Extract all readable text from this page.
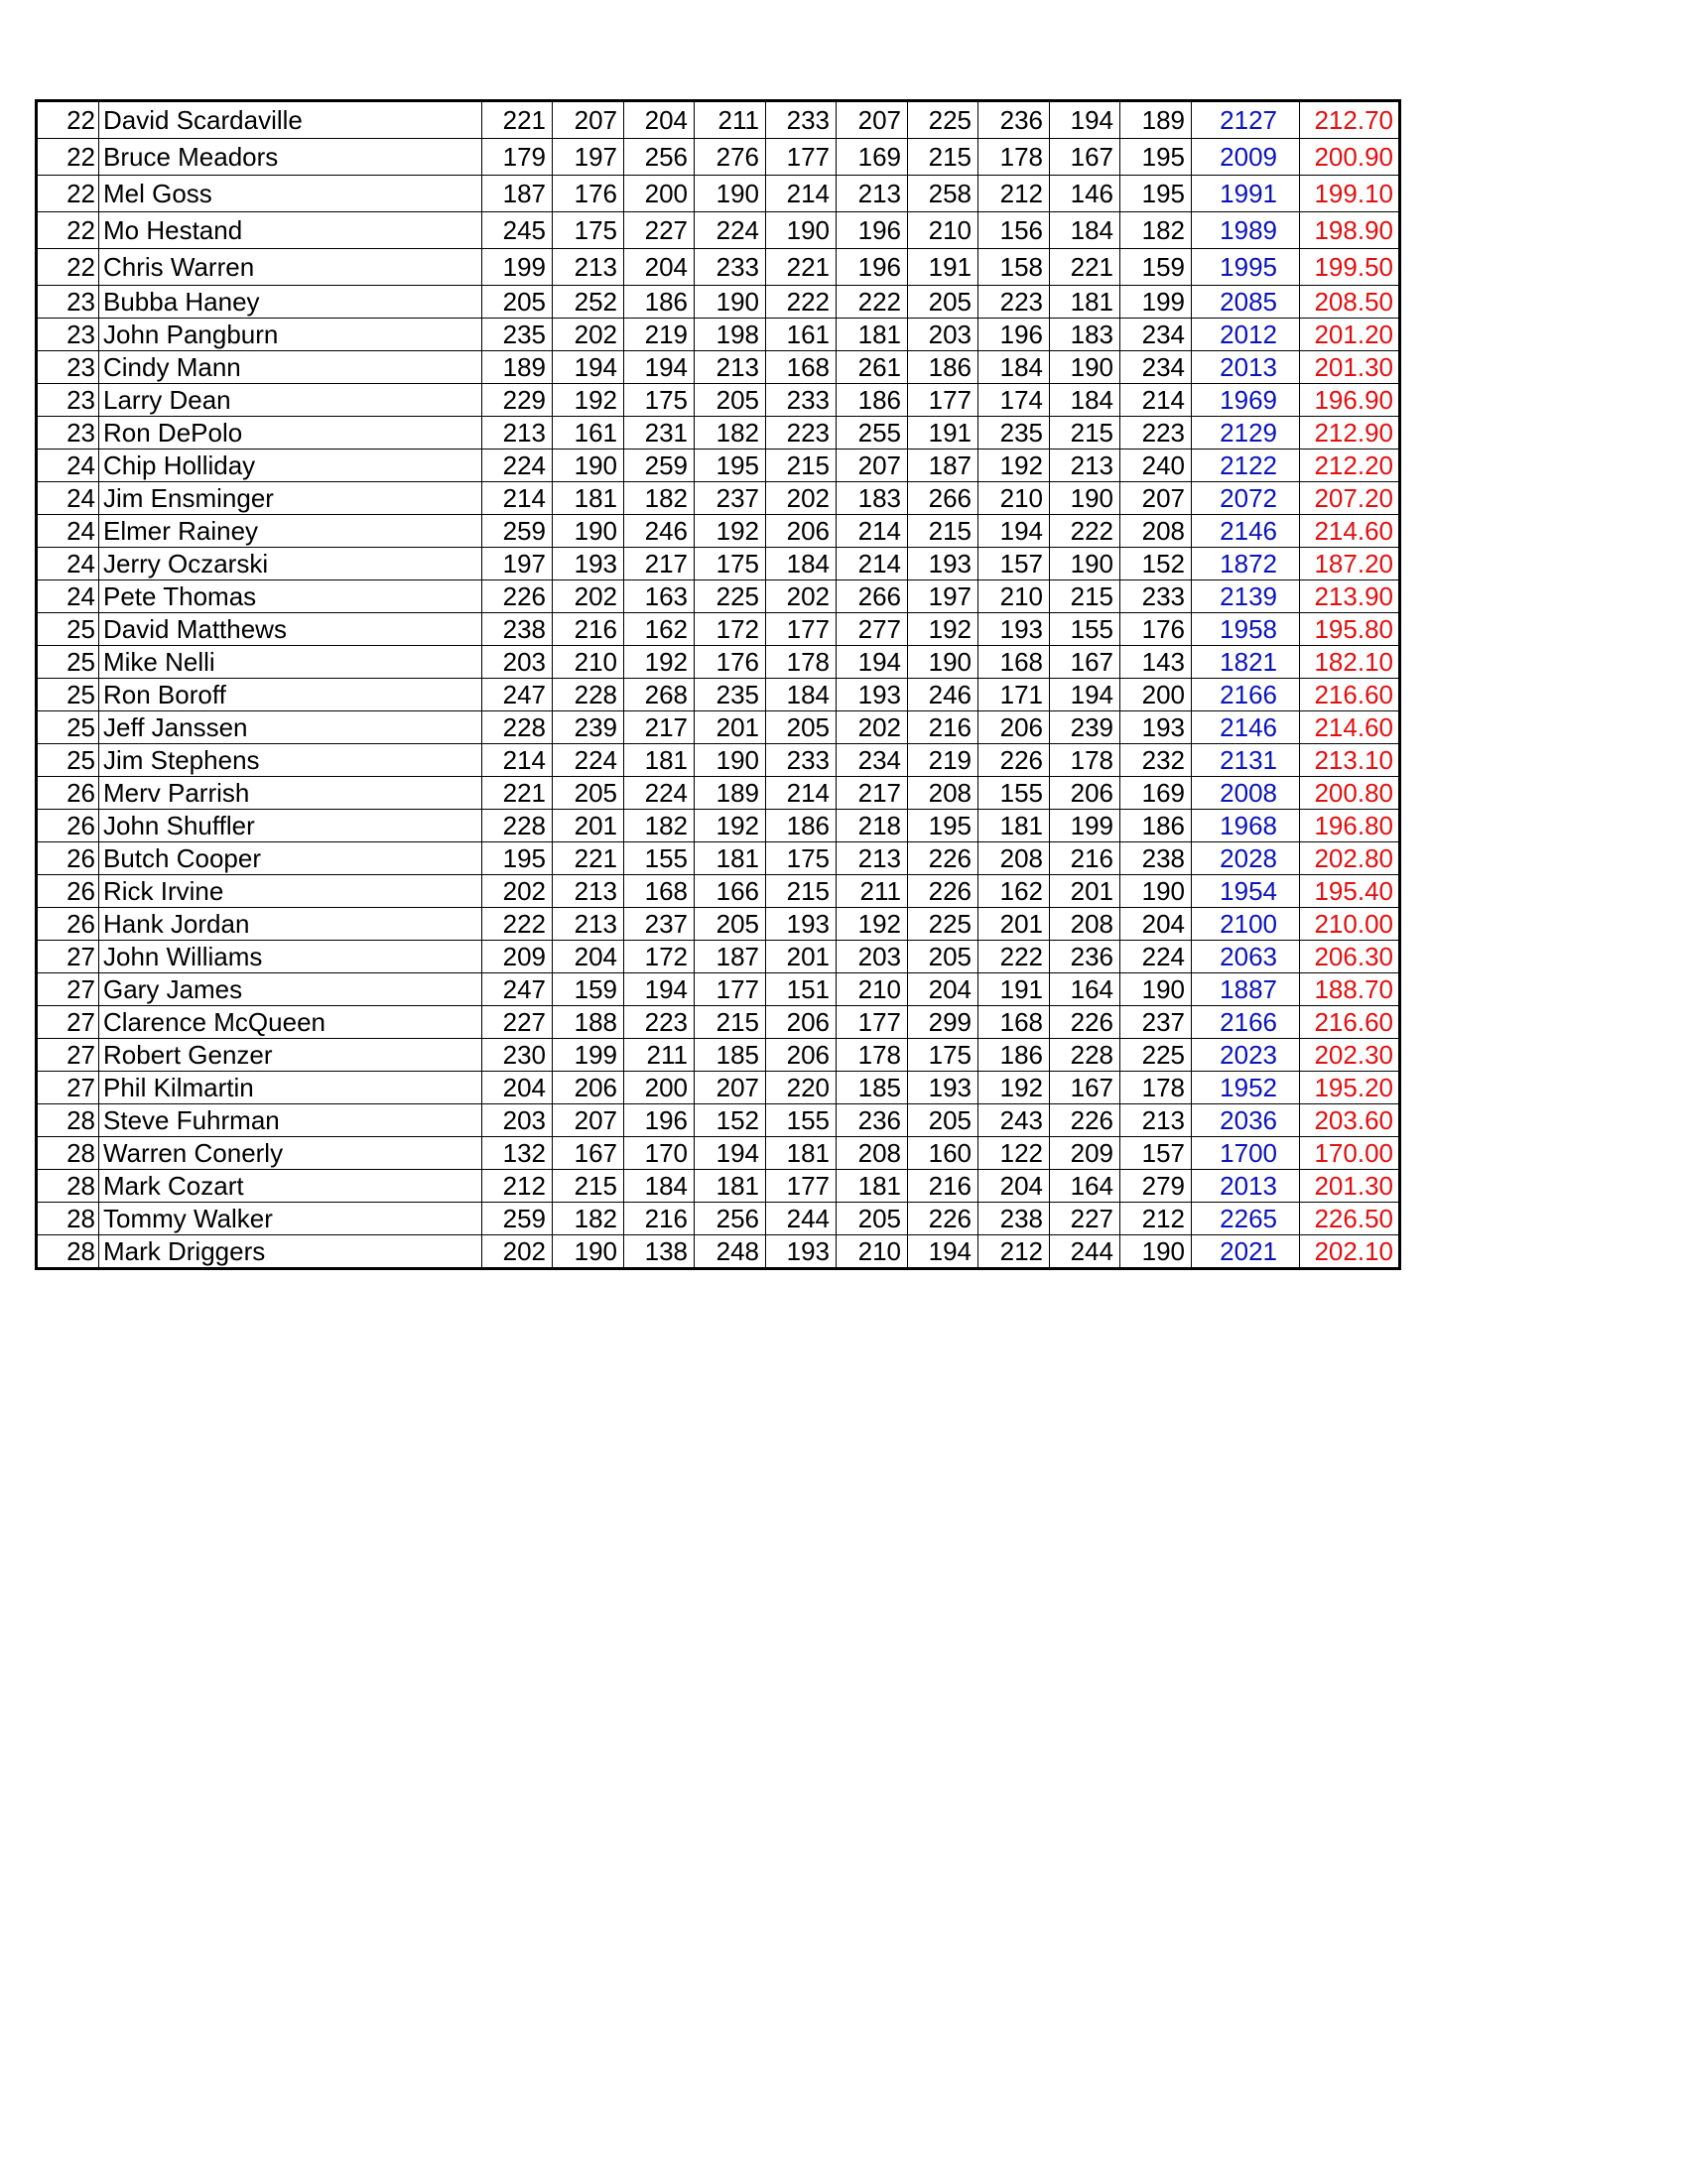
22	David Scardaville	221	207	204	211	233	207	225	236	194	189	2127	212.70
22	Bruce Meadors	179	197	256	276	177	169	215	178	167	195	2009	200.90
22	Mel Goss	187	176	200	190	214	213	258	212	146	195	1991	199.10
22	Mo Hestand	245	175	227	224	190	196	210	156	184	182	1989	198.90
22	Chris Warren	199	213	204	233	221	196	191	158	221	159	1995	199.50
23	Bubba Haney	205	252	186	190	222	222	205	223	181	199	2085	208.50
23	John Pangburn	235	202	219	198	161	181	203	196	183	234	2012	201.20
23	Cindy Mann	189	194	194	213	168	261	186	184	190	234	2013	201.30
23	Larry Dean	229	192	175	205	233	186	177	174	184	214	1969	196.90
23	Ron DePolo	213	161	231	182	223	255	191	235	215	223	2129	212.90
24	Chip Holliday	224	190	259	195	215	207	187	192	213	240	2122	212.20
24	Jim Ensminger	214	181	182	237	202	183	266	210	190	207	2072	207.20
24	Elmer Rainey	259	190	246	192	206	214	215	194	222	208	2146	214.60
24	Jerry Oczarski	197	193	217	175	184	214	193	157	190	152	1872	187.20
24	Pete Thomas	226	202	163	225	202	266	197	210	215	233	2139	213.90
25	David Matthews	238	216	162	172	177	277	192	193	155	176	1958	195.80
25	Mike Nelli	203	210	192	176	178	194	190	168	167	143	1821	182.10
25	Ron Boroff	247	228	268	235	184	193	246	171	194	200	2166	216.60
25	Jeff Janssen	228	239	217	201	205	202	216	206	239	193	2146	214.60
25	Jim Stephens	214	224	181	190	233	234	219	226	178	232	2131	213.10
26	Merv Parrish	221	205	224	189	214	217	208	155	206	169	2008	200.80
26	John Shuffler	228	201	182	192	186	218	195	181	199	186	1968	196.80
26	Butch Cooper	195	221	155	181	175	213	226	208	216	238	2028	202.80
26	Rick Irvine	202	213	168	166	215	211	226	162	201	190	1954	195.40
26	Hank Jordan	222	213	237	205	193	192	225	201	208	204	2100	210.00
27	John Williams	209	204	172	187	201	203	205	222	236	224	2063	206.30
27	Gary James	247	159	194	177	151	210	204	191	164	190	1887	188.70
27	Clarence McQueen	227	188	223	215	206	177	299	168	226	237	2166	216.60
27	Robert Genzer	230	199	211	185	206	178	175	186	228	225	2023	202.30
27	Phil Kilmartin	204	206	200	207	220	185	193	192	167	178	1952	195.20
28	Steve Fuhrman	203	207	196	152	155	236	205	243	226	213	2036	203.60
28	Warren Conerly	132	167	170	194	181	208	160	122	209	157	1700	170.00
28	Mark Cozart	212	215	184	181	177	181	216	204	164	279	2013	201.30
28	Tommy Walker	259	182	216	256	244	205	226	238	227	212	2265	226.50
28	Mark Driggers	202	190	138	248	193	210	194	212	244	190	2021	202.10
